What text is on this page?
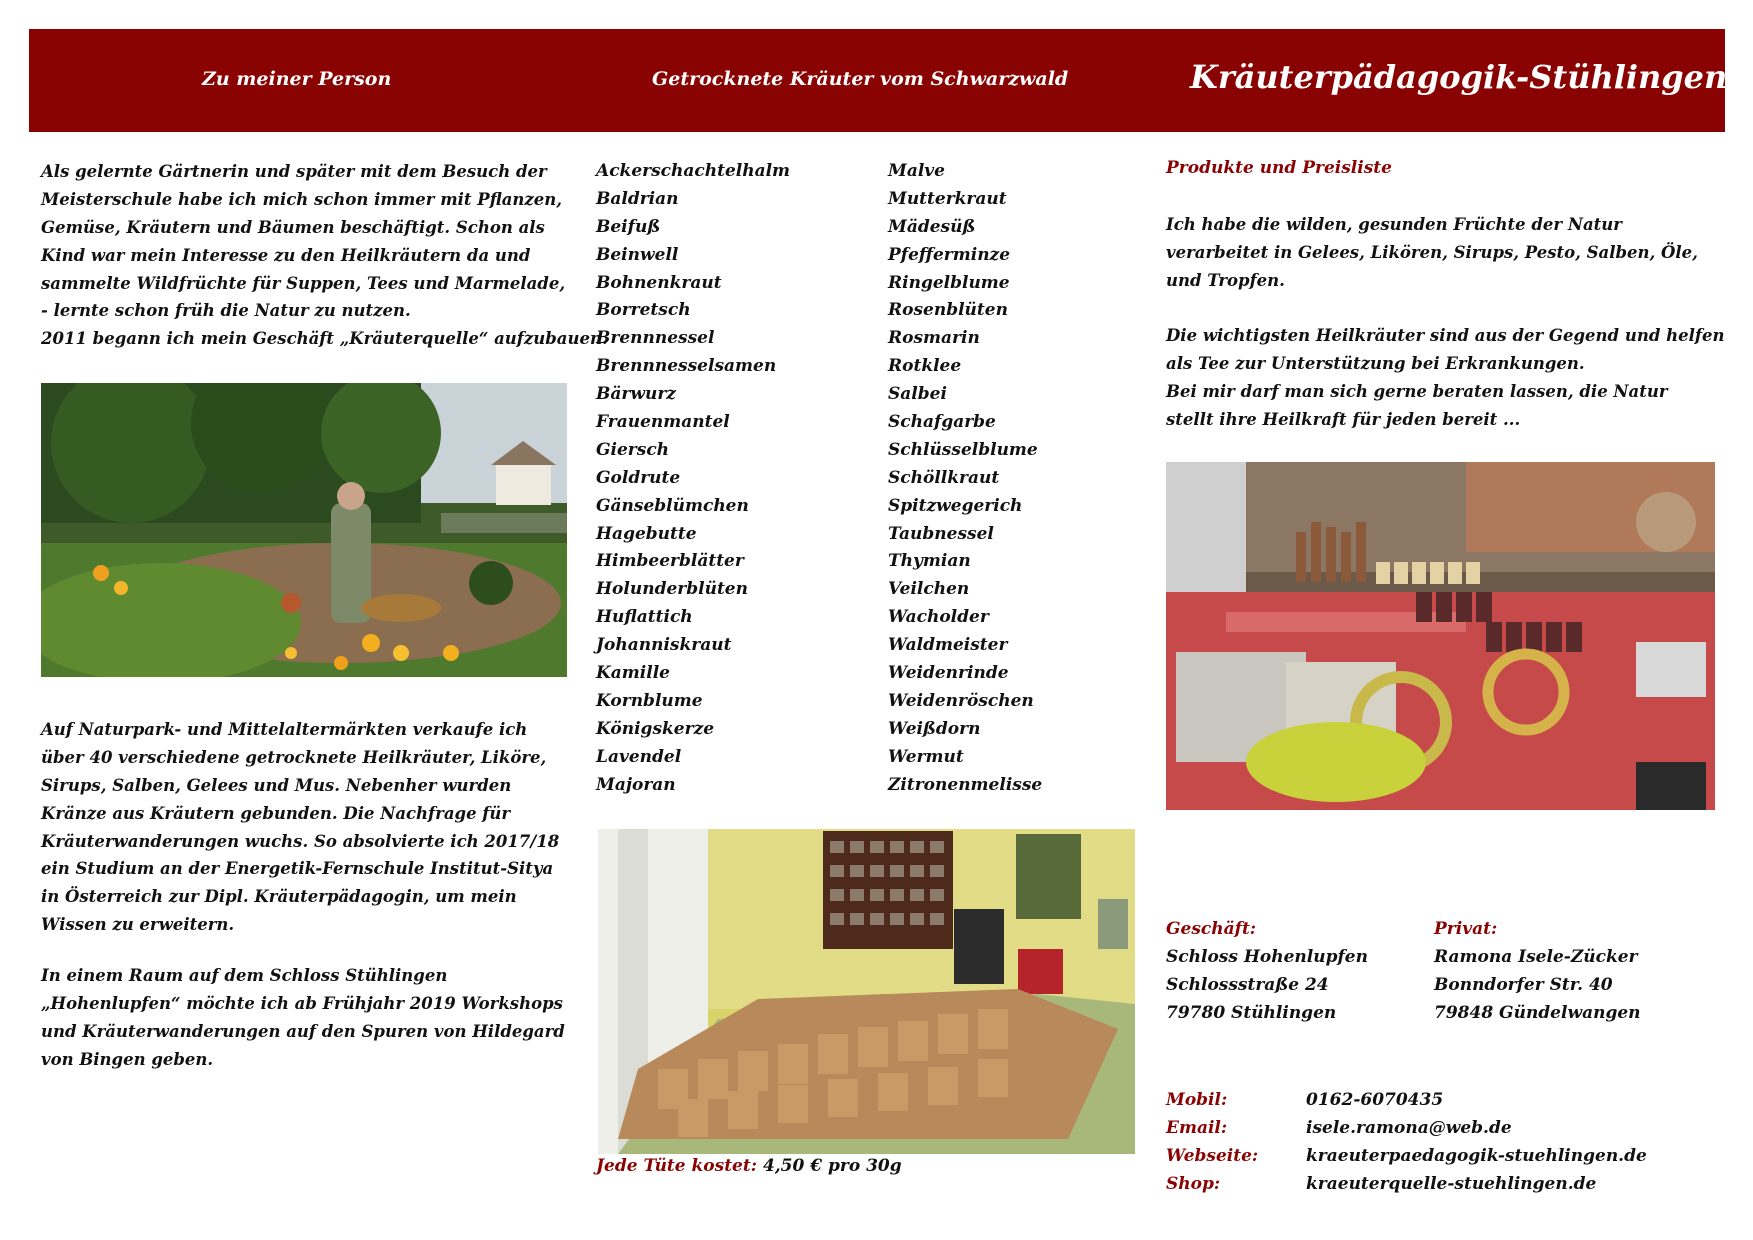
Zu meiner Person	Getrocknete Kräuter vom Schwarzwald	Kräuterpädagogik-Stühlingen
Als gelernte Gärtnerin und später mit dem Besuch der
Meisterschule habe ich mich schon immer mit Pflanzen,
Gemüse, Kräutern und Bäumen beschäftigt. Schon als
Kind war mein Interesse zu den Heilkräutern da und
sammelte Wildfrüchte für Suppen, Tees und Marmelade,
- lernte schon früh die Natur zu nutzen.
2011 begann ich mein Geschäft „Kräuterquelle“ aufzubauen.
Auf Naturpark- und Mittelaltermärkten verkaufe ich
über 40 verschiedene getrocknete Heilkräuter, Liköre,
Sirups, Salben, Gelees und Mus. Nebenher wurden
Kränze aus Kräutern gebunden. Die Nachfrage für
Kräuterwanderungen wuchs. So absolvierte ich 2017/18
ein Studium an der Energetik-Fernschule Institut-Sitya
in Österreich zur Dipl. Kräuterpädagogin, um mein
Wissen zu erweitern.
In einem Raum auf dem Schloss Stühlingen
„Hohenlupfen“ möchte ich ab Frühjahr 2019 Workshops
und Kräuterwanderungen auf den Spuren von Hildegard
von Bingen geben.
Ackerschachtelhalm
Baldrian
Beifuß
Beinwell
Bohnenkraut
Borretsch
Brennnessel
Brennnesselsamen
Bärwurz
Frauenmantel
Giersch
Goldrute
Gänseblümchen
Hagebutte
Himbeerblätter
Holunderblüten
Huflattich
Johanniskraut
Kamille
Kornblume
Königskerze
Lavendel
Majoran
Malve
Mutterkraut
Mädesüß
Pfefferminze
Ringelblume
Rosenblüten
Rosmarin
Rotklee
Salbei
Schafgarbe
Schlüsselblume
Schöllkraut
Spitzwegerich
Taubnessel
Thymian
Veilchen
Wacholder
Waldmeister
Weidenrinde
Weidenröschen
Weißdorn
Wermut
Zitronenmelisse
Jede Tüte kostet: 4,50 € pro 30g
Produkte und Preisliste
Ich habe die wilden, gesunden Früchte der Natur
verarbeitet in Gelees, Likören, Sirups, Pesto, Salben, Öle,
und Tropfen.
Die wichtigsten Heilkräuter sind aus der Gegend und helfen
als Tee zur Unterstützung bei Erkrankungen.
Bei mir darf man sich gerne beraten lassen, die Natur
stellt ihre Heilkraft für jeden bereit ...
Geschäft:
Schloss Hohenlupfen
Schlossstraße 24
79780 Stühlingen
Privat:
Ramona Isele-Zücker
Bonndorfer Str. 40
79848 Gündelwangen
Mobil:	0162-6070435
Email:	isele.ramona@web.de
Webseite:	kraeuterpaedagogik-stuehlingen.de
Shop:	kraeuterquelle-stuehlingen.de
